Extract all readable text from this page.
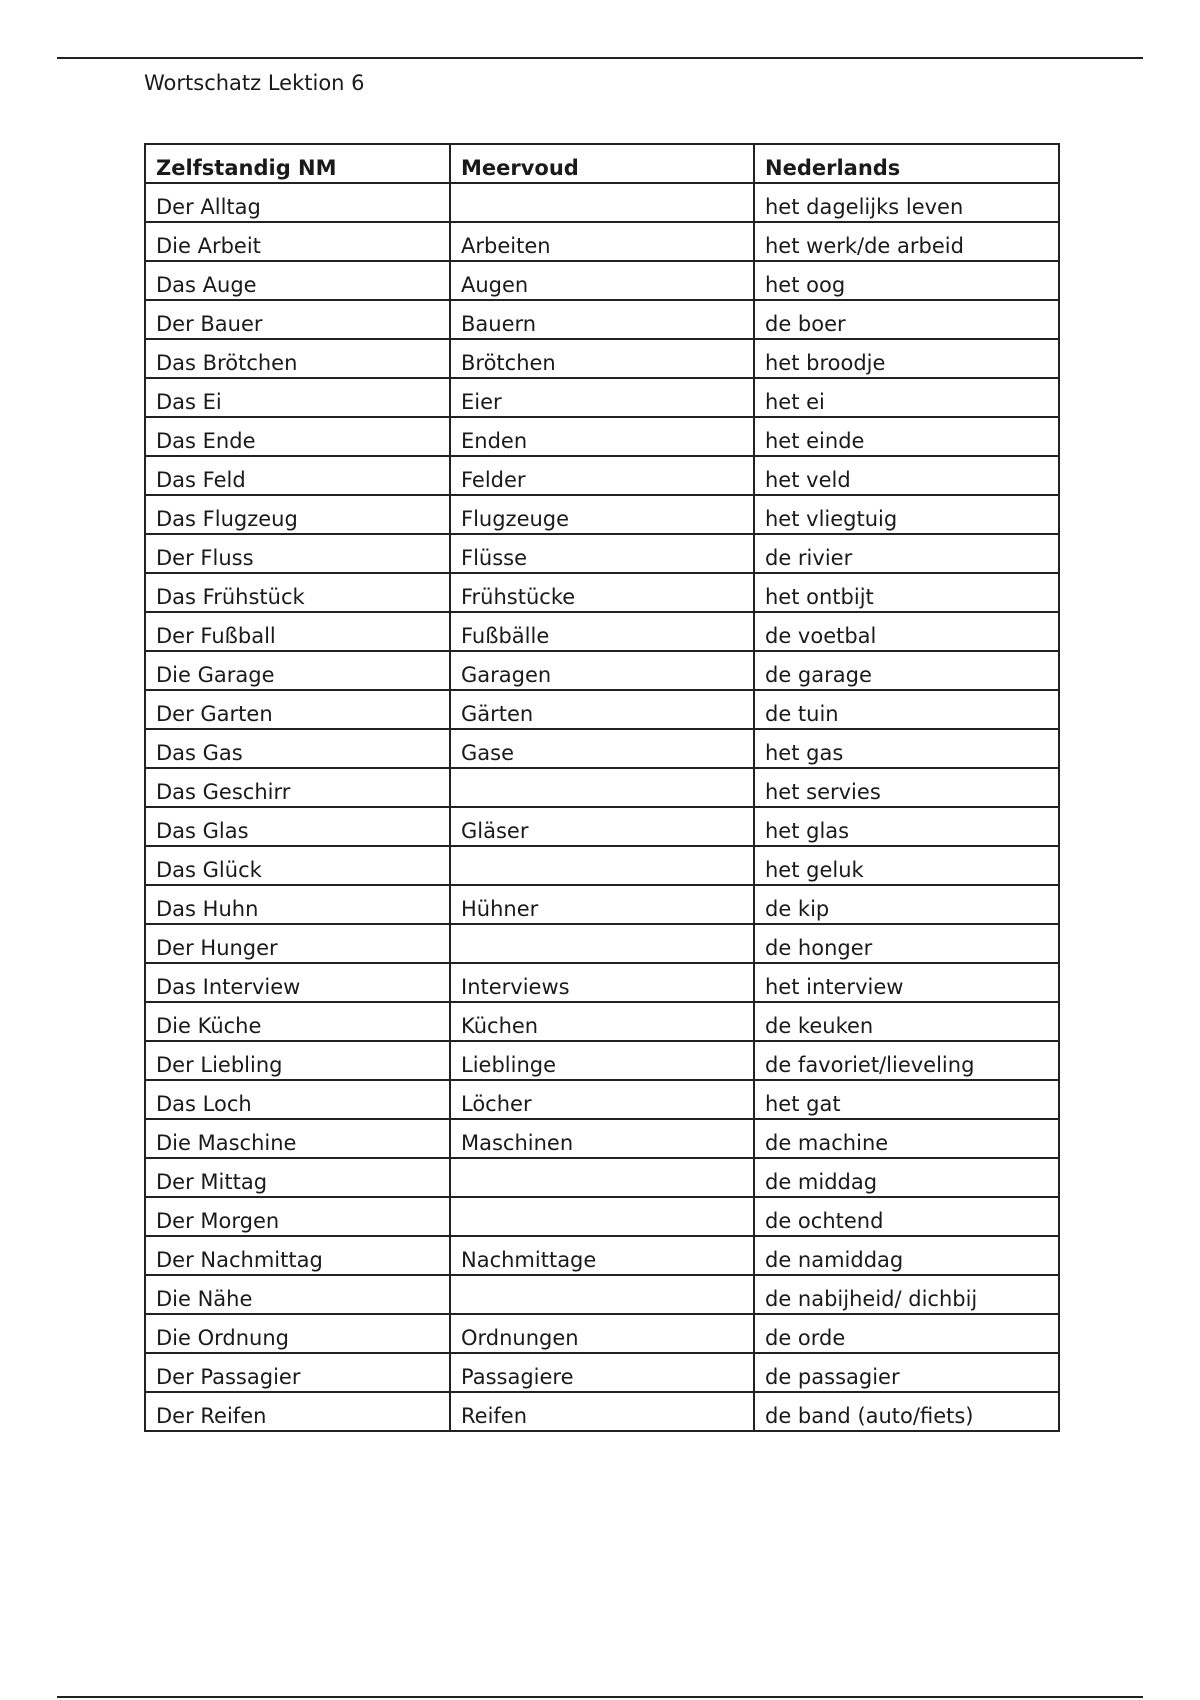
Wortschatz Lektion 6
Zelfstandig NM	Meervoud	Nederlands
Der Alltag		het dagelijks leven
Die Arbeit	Arbeiten	het werk/de arbeid
Das Auge	Augen	het oog
Der Bauer	Bauern	de boer
Das Brötchen	Brötchen	het broodje
Das Ei	Eier	het ei
Das Ende	Enden	het einde
Das Feld	Felder	het veld
Das Flugzeug	Flugzeuge	het vliegtuig
Der Fluss	Flüsse	de rivier
Das Frühstück	Frühstücke	het ontbijt
Der Fußball	Fußbälle	de voetbal
Die Garage	Garagen	de garage
Der Garten	Gärten	de tuin
Das Gas	Gase	het gas
Das Geschirr		het servies
Das Glas	Gläser	het glas
Das Glück		het geluk
Das Huhn	Hühner	de kip
Der Hunger		de honger
Das Interview	Interviews	het interview
Die Küche	Küchen	de keuken
Der Liebling	Lieblinge	de favoriet/lieveling
Das Loch	Löcher	het gat
Die Maschine	Maschinen	de machine
Der Mittag		de middag
Der Morgen		de ochtend
Der Nachmittag	Nachmittage	de namiddag
Die Nähe		de nabijheid/ dichbij
Die Ordnung	Ordnungen	de orde
Der Passagier	Passagiere	de passagier
Der Reifen	Reifen	de band (auto/fiets)
